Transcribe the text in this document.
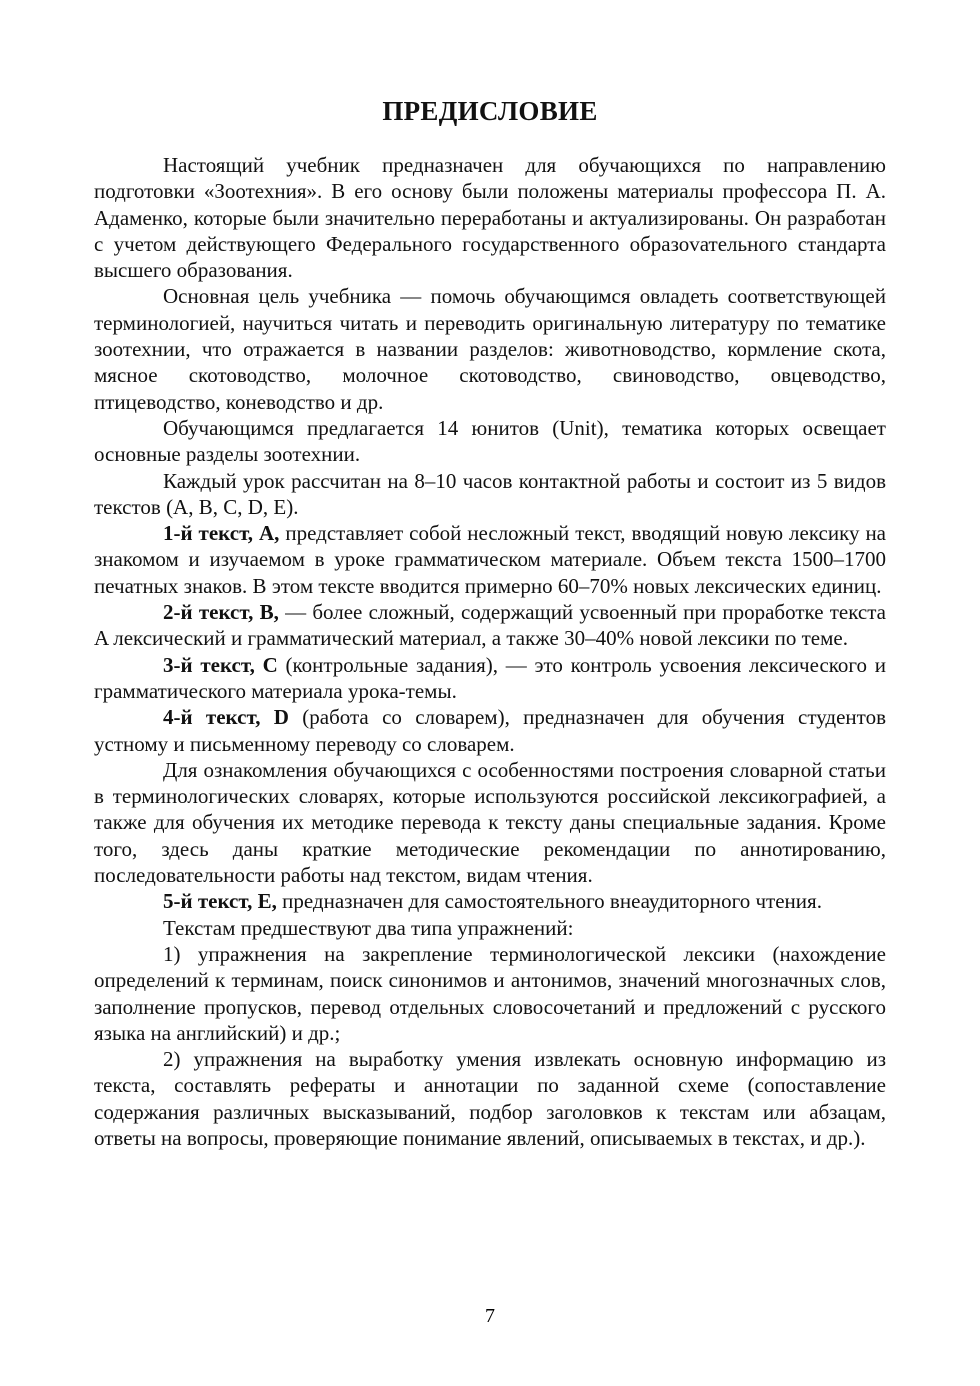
ПРЕДИСЛОВИЕ

Настоящий учебник предназначен для обучающихся по направлению подготовки «Зоотехния». В его основу были положены материалы профессора П. А. Адаменко, которые были значительно переработаны и актуализированы. Он разработан с учетом действующего Федерального государственного образоvательного стандарта высшего образования.

Основная цель учебника — помочь обучающимся овладеть соответствующей терминологией, научиться читать и переводить оригинальную литературу по тематике зоотехнии, что отражается в названии разделов: животноводство, кормление скота, мясное скотоводство, молочное скотоводство, свиноводство, овцеводство, птицеводство, коневодство и др.

Обучающимся предлагается 14 юнитов (Unit), тематика которых освещает основные разделы зоотехнии.

Каждый урок рассчитан на 8–10 часов контактной работы и состоит из 5 видов текстов (A, B, C, D, E).

1-й текст, A, представляет собой несложный текст, вводящий новую лексику на знакомом и изучаемом в уроке грамматическом материале. Объем текста 1500–1700 печатных знаков. В этом тексте вводится примерно 60–70% новых лексических единиц.

2-й текст, B, — более сложный, содержащий усвоенный при проработке текста A лексический и грамматический материал, а также 30–40% новой лексики по теме.

3-й текст, C (контрольные задания), — это контроль усвоения лексического и грамматического материала урока-темы.

4-й текст, D (работа со словарем), предназначен для обучения студентов устному и письменному переводу со словарем.

Для ознакомления обучающихся с особенностями построения словарной статьи в терминологических словарях, которые используются российской лексикографией, а также для обучения их методике перевода к тексту даны специальные задания. Кроме того, здесь даны краткие методические рекомендации по аннотированию, последовательности работы над текстом, видам чтения.

5-й текст, E, предназначен для самостоятельного внеаудиторного чтения.

Текстам предшествуют два типа упражнений:

1) упражнения на закрепление терминологической лексики (нахождение определений к терминам, поиск синонимов и антонимов, значений многозначных слов, заполнение пропусков, перевод отдельных словосочетаний и предложений с русского языка на английский) и др.;

2) упражнения на выработку умения извлекать основную информацию из текста, составлять рефераты и аннотации по заданной схеме (сопоставление содержания различных высказываний, подбор заголовков к текстам или абзацам, ответы на вопросы, проверяющие понимание явлений, описываемых в текстах, и др.).

7
